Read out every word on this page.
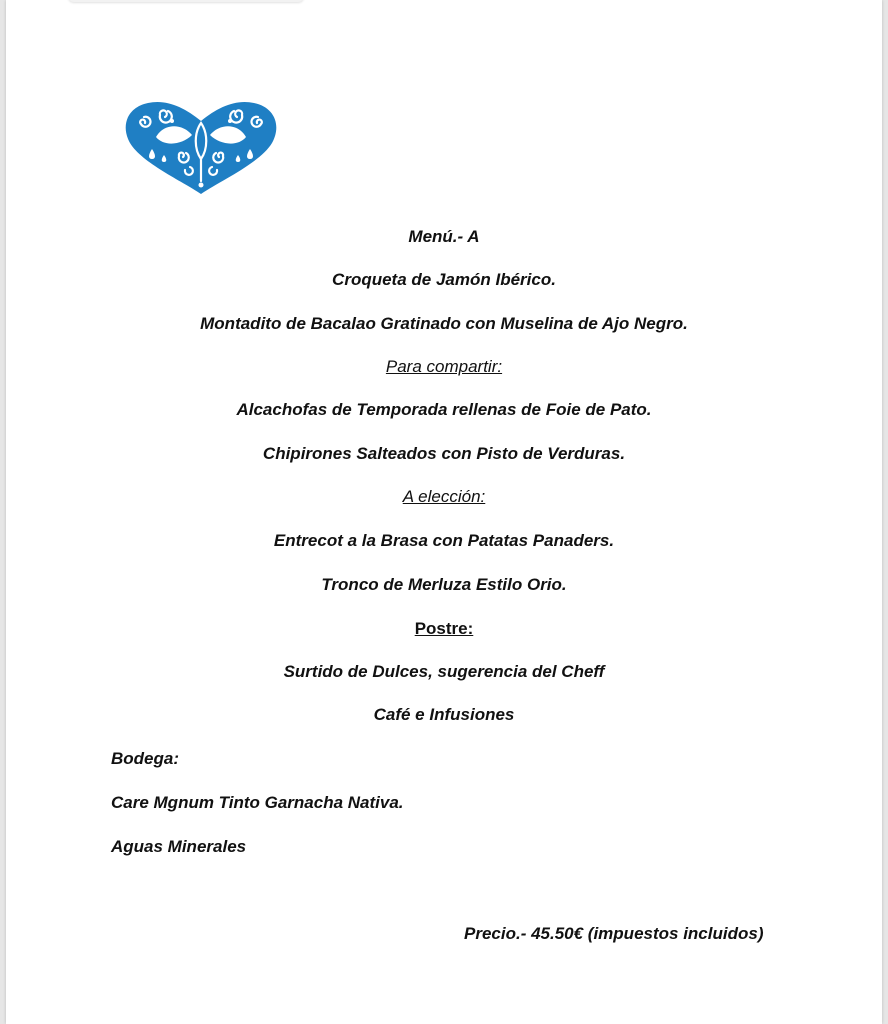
Menú.- A
Croqueta de Jamón Ibérico.
Montadito de Bacalao Gratinado con Muselina de Ajo Negro.
Para compartir:
Alcachofas de Temporada rellenas de Foie de Pato.
Chipirones Salteados con Pisto de Verduras.
A elección:
Entrecot a la Brasa con Patatas Panaders.
Tronco de Merluza Estilo Orio.
Postre:
Surtido de Dulces, sugerencia del Cheff
Café e Infusiones
Bodega:
Care Mgnum Tinto Garnacha Nativa.
Aguas Minerales
Precio.- 45.50€ (impuestos incluidos)
